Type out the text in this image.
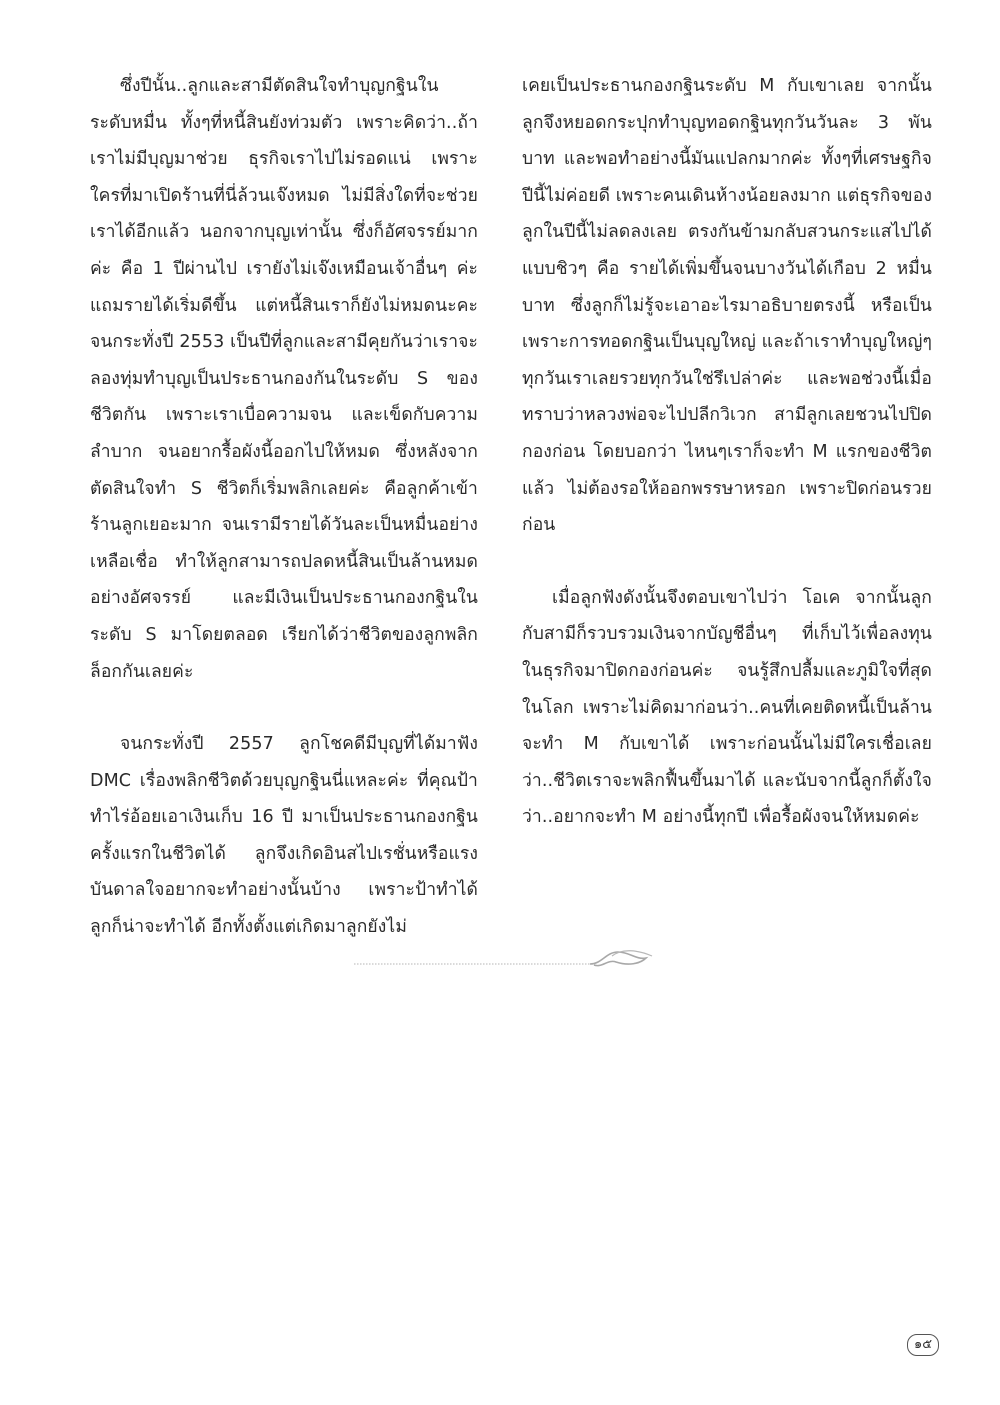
ซึ่งปีนั้น..ลูกและสามีตัดสินใจทำบุญกฐินในระดับหมื่น ทั้งๆที่หนี้สินยังท่วมตัว เพราะคิดว่า..ถ้าเราไม่มีบุญมาช่วย ธุรกิจเราไปไม่รอดแน่ เพราะใครที่มาเปิดร้านที่นี่ล้วนเจ๊งหมด ไม่มีสิ่งใดที่จะช่วยเราได้อีกแล้ว นอกจากบุญเท่านั้น ซึ่งก็อัศจรรย์มากค่ะ คือ 1 ปีผ่านไป เรายังไม่เจ๊งเหมือนเจ้าอื่นๆ ค่ะ แถมรายได้เริ่มดีขึ้น แต่หนี้สินเราก็ยังไม่หมดนะคะ จนกระทั่งปี 2553 เป็นปีที่ลูกและสามีคุยกันว่าเราจะลองทุ่มทำบุญเป็นประธานกองกันในระดับ S ของชีวิตกัน เพราะเราเบื่อความจน และเข็ดกับความลำบาก จนอยากรื้อผังนี้ออกไปให้หมด ซึ่งหลังจากตัดสินใจทำ S ชีวิตก็เริ่มพลิกเลยค่ะ คือลูกค้าเข้าร้านลูกเยอะมาก จนเรามีรายได้วันละเป็นหมื่นอย่างเหลือเชื่อ ทำให้ลูกสามารถปลดหนี้สินเป็นล้านหมดอย่างอัศจรรย์ และมีเงินเป็นประธานกองกฐินในระดับ S มาโดยตลอด เรียกได้ว่าชีวิตของลูกพลิกล็อกกันเลยค่ะ

จนกระทั่งปี 2557 ลูกโชคดีมีบุญที่ได้มาฟัง DMC เรื่องพลิกชีวิตด้วยบุญกฐินนี่แหละค่ะ ที่คุณป้าทำไร่อ้อยเอาเงินเก็บ 16 ปี มาเป็นประธานกองกฐินครั้งแรกในชีวิตได้ ลูกจึงเกิดอินสไปเรชั่นหรือแรงบันดาลใจอยากจะทำอย่างนั้นบ้าง เพราะป้าทำได้ ลูกก็น่าจะทำได้ อีกทั้งตั้งแต่เกิดมาลูกยังไม่

เคยเป็นประธานกองกฐินระดับ M กับเขาเลย จากนั้นลูกจึงหยอดกระปุกทำบุญทอดกฐินทุกวันวันละ 3 พันบาท และพอทำอย่างนี้มันแปลกมากค่ะ ทั้งๆที่เศรษฐกิจปีนี้ไม่ค่อยดี เพราะคนเดินห้างน้อยลงมาก แต่ธุรกิจของลูกในปีนี้ไม่ลดลงเลย ตรงกันข้ามกลับสวนกระแสไปได้แบบชิวๆ คือ รายได้เพิ่มขึ้นจนบางวันได้เกือบ 2 หมื่นบาท ซึ่งลูกก็ไม่รู้จะเอาอะไรมาอธิบายตรงนี้ หรือเป็นเพราะการทอดกฐินเป็นบุญใหญ่ และถ้าเราทำบุญใหญ่ๆ ทุกวันเราเลยรวยทุกวันใช่รึเปล่าค่ะ และพอช่วงนี้เมื่อทราบว่าหลวงพ่อจะไปปลีกวิเวก สามีลูกเลยชวนไปปิดกองก่อน โดยบอกว่า ไหนๆเราก็จะทำ M แรกของชีวิตแล้ว ไม่ต้องรอให้ออกพรรษาหรอก เพราะปิดก่อนรวยก่อน

เมื่อลูกฟังดังนั้นจึงตอบเขาไปว่า โอเค จากนั้นลูกกับสามีก็รวบรวมเงินจากบัญชีอื่นๆ ที่เก็บไว้เพื่อลงทุนในธุรกิจมาปิดกองก่อนค่ะ จนรู้สึกปลื้มและภูมิใจที่สุดในโลก เพราะไม่คิดมาก่อนว่า..คนที่เคยติดหนี้เป็นล้านจะทำ M กับเขาได้ เพราะก่อนนั้นไม่มีใครเชื่อเลยว่า..ชีวิตเราจะพลิกฟื้นขึ้นมาได้ และนับจากนี้ลูกก็ตั้งใจว่า..อยากจะทำ M อย่างนี้ทุกปี เพื่อรื้อผังจนให้หมดค่ะ

๑๕
